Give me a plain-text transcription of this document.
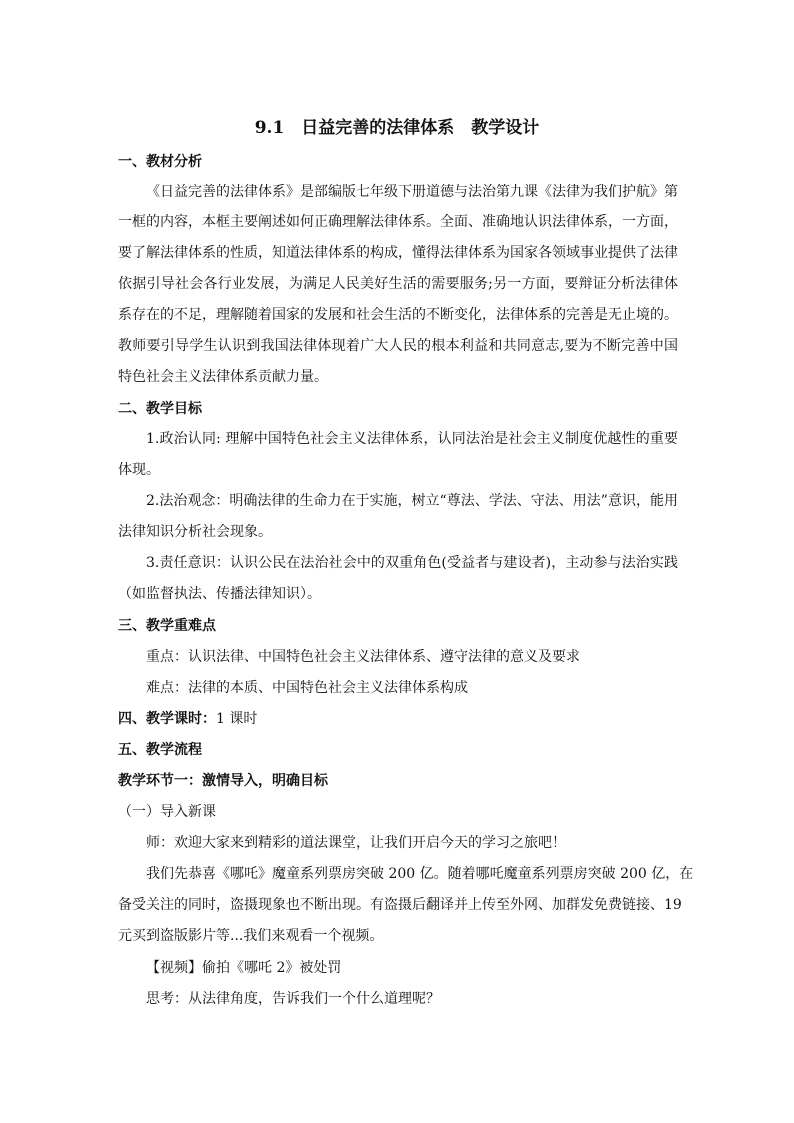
9.1　日益完善的法律体系　教学设计
一、教材分析
《日益完善的法律体系》是部编版七年级下册道德与法治第九课《法律为我们护航》第
一框的内容，本框主要阐述如何正确理解法律体系。全面、准确地认识法律体系，一方面，
要了解法律体系的性质，知道法律体系的构成，懂得法律体系为国家各领域事业提供了法律
依据引导社会各行业发展，为满足人民美好生活的需要服务;另一方面，要辩证分析法律体
系存在的不足，理解随着国家的发展和社会生活的不断变化，法律体系的完善是无止境的。
教师要引导学生认识到我国法律体现着广大人民的根本利益和共同意志,要为不断完善中国
特色社会主义法律体系贡献力量。
二、教学目标
1.政治认同: 理解中国特色社会主义法律体系，认同法治是社会主义制度优越性的重要
体现。
2.法治观念：明确法律的生命力在于实施，树立“尊法、学法、守法、用法”意识，能用
法律知识分析社会现象。
3.责任意识：认识公民在法治社会中的双重角色(受益者与建设者)，主动参与法治实践
（如监督执法、传播法律知识）。
三、教学重难点
重点：认识法律、中国特色社会主义法律体系、遵守法律的意义及要求
难点：法律的本质、中国特色社会主义法律体系构成
四、教学课时：1 课时
五、教学流程
教学环节一：激情导入，明确目标
（一）导入新课
师：欢迎大家来到精彩的道法课堂，让我们开启今天的学习之旅吧！
我们先恭喜《哪吒》魔童系列票房突破 200 亿。随着哪吒魔童系列票房突破 200 亿，在
备受关注的同时，盗摄现象也不断出现。有盗摄后翻译并上传至外网、加群发免费链接、19
元买到盗版影片等...我们来观看一个视频。
【视频】偷拍《哪吒 2》被处罚
思考：从法律角度，告诉我们一个什么道理呢？
